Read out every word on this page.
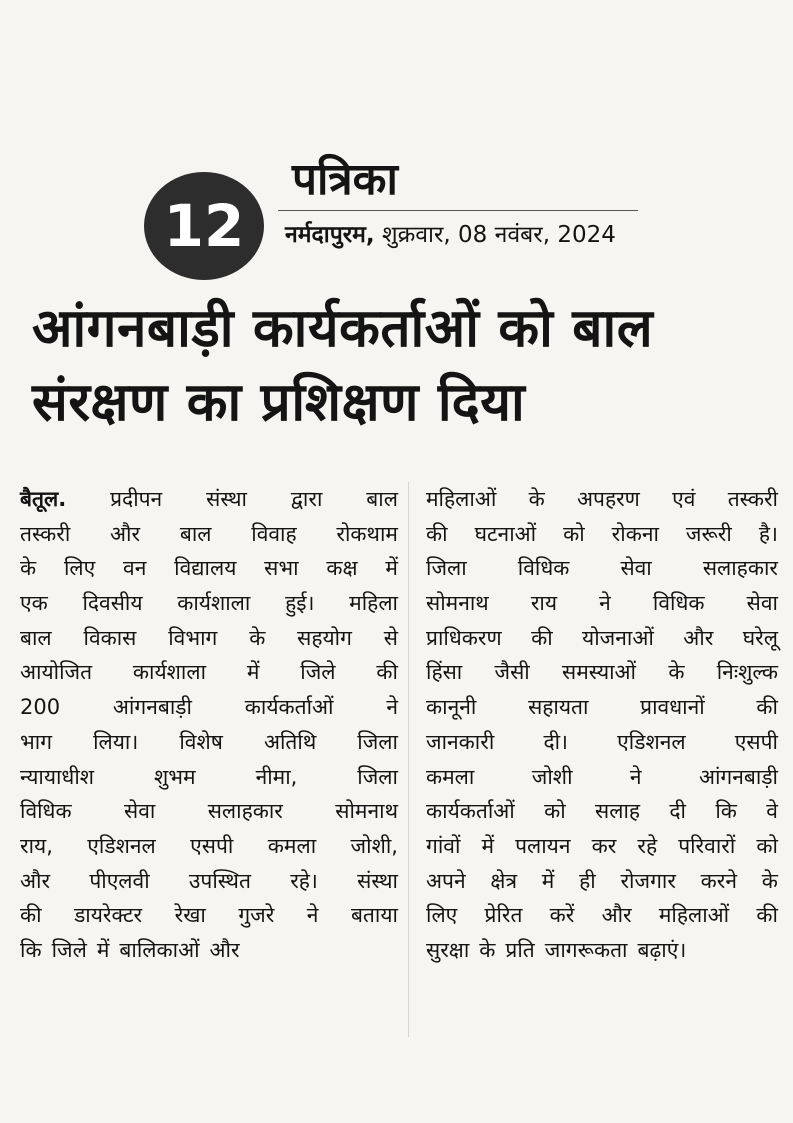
12
पत्रिका
नर्मदापुरम, शुक्रवार, 08 नवंबर, 2024
आंगनबाड़ी कार्यकर्ताओं को बाल
संरक्षण का प्रशिक्षण दिया
बैतूल. प्रदीपन संस्था द्वारा बाल
तस्करी और बाल विवाह रोकथाम
के लिए वन विद्यालय सभा कक्ष में
एक दिवसीय कार्यशाला हुई। महिला
बाल विकास विभाग के सहयोग से
आयोजित कार्यशाला में जिले की
200	आंगनबाड़ी	कार्यकर्ताओं	ने
भाग लिया। विशेष अतिथि जिला
न्यायाधीश	शुभम	नीमा,	जिला
विधिक सेवा सलाहकार सोमनाथ
राय, एडिशनल एसपी कमला जोशी,
और पीएलवी उपस्थित रहे। संस्था
की डायरेक्टर रेखा गुजरे ने बताया
कि जिले में बालिकाओं और
महिलाओं के अपहरण एवं तस्करी
की घटनाओं को रोकना जरूरी है।
जिला विधिक सेवा सलाहकार
सोमनाथ राय ने विधिक सेवा
प्राधिकरण की योजनाओं और घरेलू
हिंसा जैसी समस्याओं के निःशुल्क
कानूनी सहायता प्रावधानों की
जानकारी दी। एडिशनल एसपी
कमला	जोशी	ने	आंगनबाड़ी
कार्यकर्ताओं को सलाह दी कि वे
गांवों में पलायन कर रहे परिवारों को
अपने क्षेत्र में ही रोजगार करने के
लिए प्रेरित करें और महिलाओं की
सुरक्षा के प्रति जागरूकता बढ़ाएं।
